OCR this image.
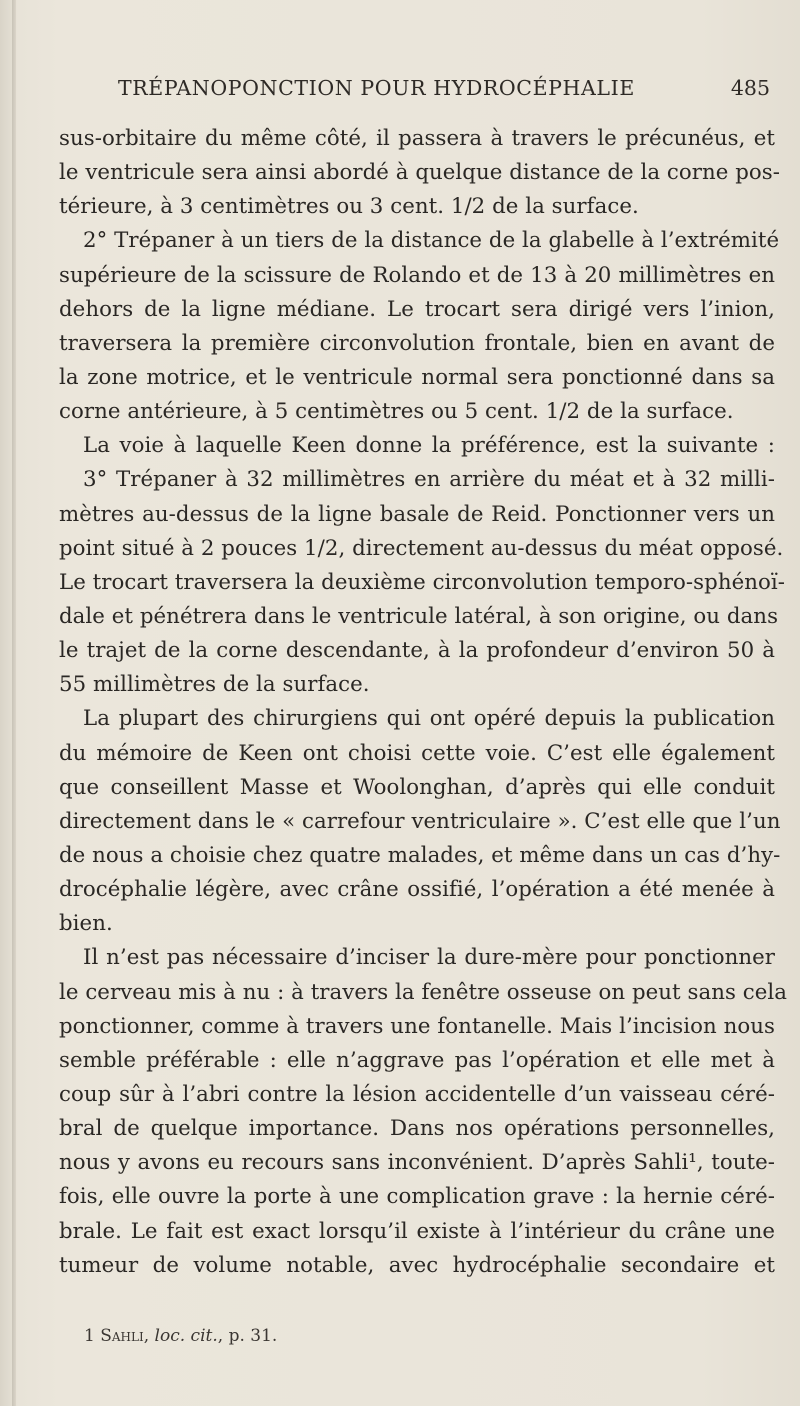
TRÉPANOPONCTION POUR HYDROCÉPHALIE	485
sus-orbitaire du même côté, il passera à travers le précunéus, et
le ventricule sera ainsi abordé à quelque distance de la corne pos-
térieure, à 3 centimètres ou 3 cent. 1/2 de la surface.
2° Trépaner à un tiers de la distance de la glabelle à l’extrémité
supérieure de la scissure de Rolando et de 13 à 20 millimètres en
dehors de la ligne médiane. Le trocart sera dirigé vers l’inion,
traversera la première circonvolution frontale, bien en avant de
la zone motrice, et le ventricule normal sera ponctionné dans sa
corne antérieure, à 5 centimètres ou 5 cent. 1/2 de la surface.
La voie à laquelle Keen donne la préférence, est la suivante :
3° Trépaner à 32 millimètres en arrière du méat et à 32 milli-
mètres au-dessus de la ligne basale de Reid. Ponctionner vers un
point situé à 2 pouces 1/2, directement au-dessus du méat opposé.
Le trocart traversera la deuxième circonvolution temporo-sphénoï-
dale et pénétrera dans le ventricule latéral, à son origine, ou dans
le trajet de la corne descendante, à la profondeur d’environ 50 à
55 millimètres de la surface.
La plupart des chirurgiens qui ont opéré depuis la publication
du mémoire de Keen ont choisi cette voie. C’est elle également
que conseillent Masse et Woolonghan, d’après qui elle conduit
directement dans le « carrefour ventriculaire ». C’est elle que l’un
de nous a choisie chez quatre malades, et même dans un cas d’hy-
drocéphalie légère, avec crâne ossifié, l’opération a été menée à
bien.
Il n’est pas nécessaire d’inciser la dure-mère pour ponctionner
le cerveau mis à nu : à travers la fenêtre osseuse on peut sans cela
ponctionner, comme à travers une fontanelle. Mais l’incision nous
semble préférable : elle n’aggrave pas l’opération et elle met à
coup sûr à l’abri contre la lésion accidentelle d’un vaisseau céré-
bral de quelque importance. Dans nos opérations personnelles,
nous y avons eu recours sans inconvénient. D’après Sahli¹, toute-
fois, elle ouvre la porte à une complication grave : la hernie céré-
brale. Le fait est exact lorsqu’il existe à l’intérieur du crâne une
tumeur de volume notable, avec hydrocéphalie secondaire et
1 Sahli, loc. cit., p. 31.
